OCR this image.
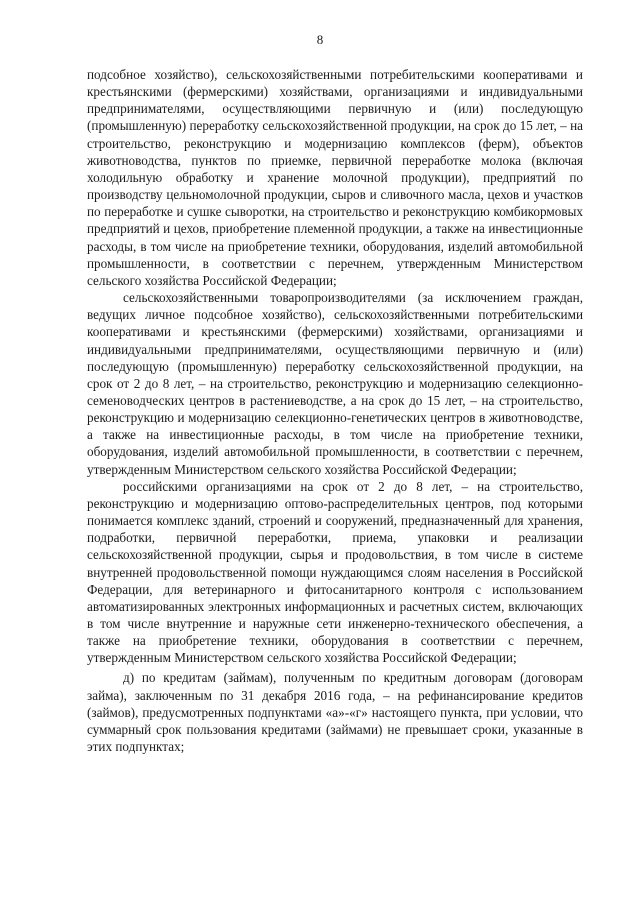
8

подсобное хозяйство), сельскохозяйственными потребительскими кооперативами и крестьянскими (фермерскими) хозяйствами, организациями и индивидуальными предпринимателями, осуществляющими первичную и (или) последующую (промышленную) переработку сельскохозяйственной продукции, на срок до 15 лет, – на строительство, реконструкцию и модернизацию комплексов (ферм), объектов животноводства, пунктов по приемке, первичной переработке молока (включая холодильную обработку и хранение молочной продукции), предприятий по производству цельномолочной продукции, сыров и сливочного масла, цехов и участков по переработке и сушке сыворотки, на строительство и реконструкцию комбикормовых предприятий и цехов, приобретение племенной продукции, а также на инвестиционные расходы, в том числе на приобретение техники, оборудования, изделий автомобильной промышленности, в соответствии с перечнем, утвержденным Министерством сельского хозяйства Российской Федерации;

сельскохозяйственными товаропроизводителями (за исключением граждан, ведущих личное подсобное хозяйство), сельскохозяйственными потребительскими кооперативами и крестьянскими (фермерскими) хозяйствами, организациями и индивидуальными предпринимателями, осуществляющими первичную и (или) последующую (промышленную) переработку сельскохозяйственной продукции, на срок от 2 до 8 лет, – на строительство, реконструкцию и модернизацию селекционно-семеноводческих центров в растениеводстве, а на срок до 15 лет, – на строительство, реконструкцию и модернизацию селекционно-генетических центров в животноводстве, а также на инвестиционные расходы, в том числе на приобретение техники, оборудования, изделий автомобильной промышленности, в соответствии с перечнем, утвержденным Министерством сельского хозяйства Российской Федерации;

российскими организациями на срок от 2 до 8 лет, – на строительство, реконструкцию и модернизацию оптово-распределительных центров, под которыми понимается комплекс зданий, строений и сооружений, предназначенный для хранения, подработки, первичной переработки, приема, упаковки и реализации сельскохозяйственной продукции, сырья и продовольствия, в том числе в системе внутренней продовольственной помощи нуждающимся слоям населения в Российской Федерации, для ветеринарного и фитосанитарного контроля с использованием автоматизированных электронных информационных и расчетных систем, включающих в том числе внутренние и наружные сети инженерно-технического обеспечения, а также на приобретение техники, оборудования в соответствии с перечнем, утвержденным Министерством сельского хозяйства Российской Федерации;

д) по кредитам (займам), полученным по кредитным договорам (договорам займа), заключенным по 31 декабря 2016 года, – на рефинансирование кредитов (займов), предусмотренных подпунктами «а»-«г» настоящего пункта, при условии, что суммарный срок пользования кредитами (займами) не превышает сроки, указанные в этих подпунктах;
